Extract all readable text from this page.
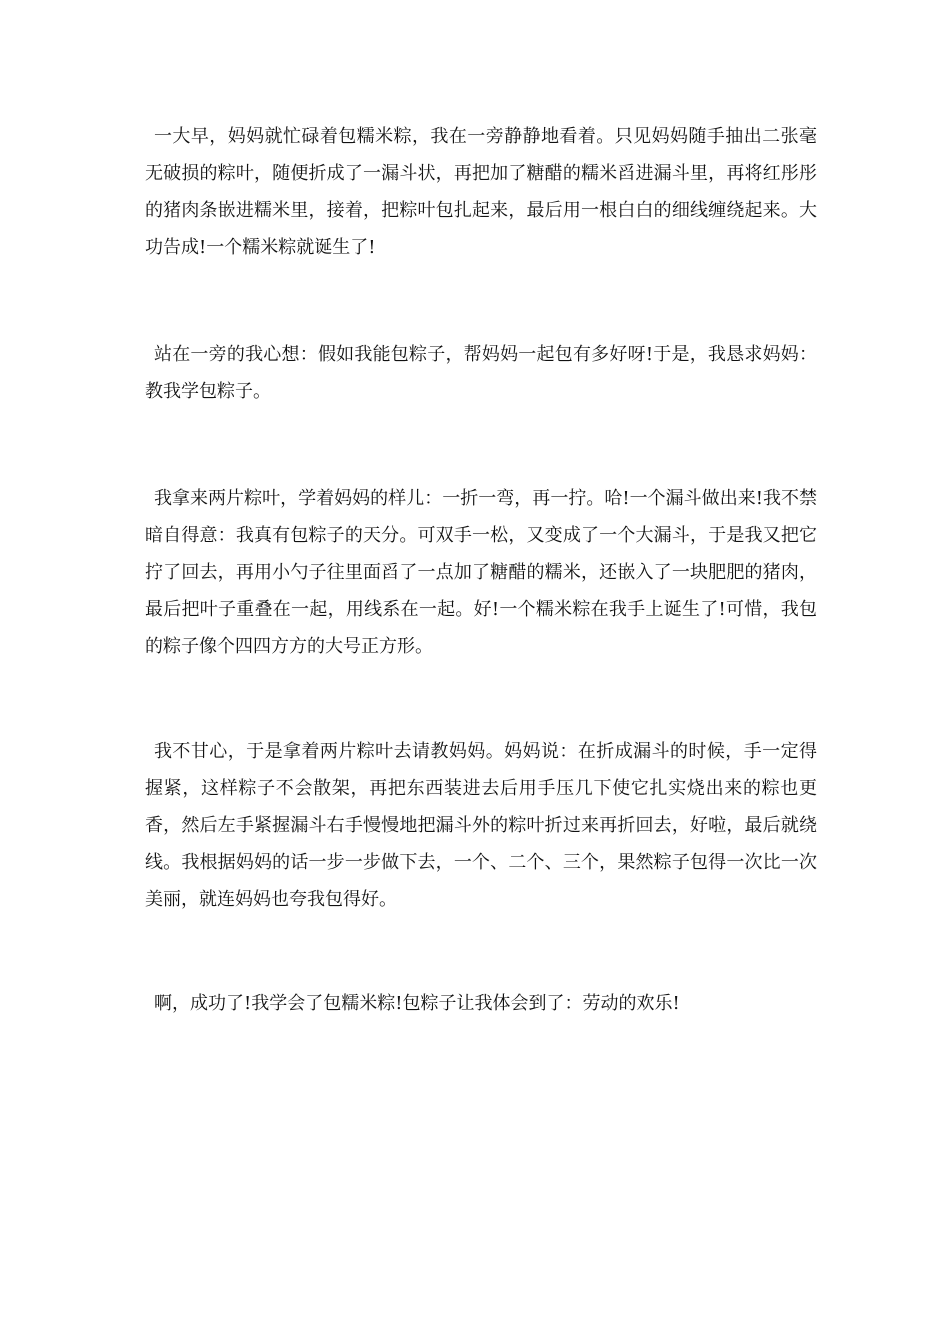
一大早，妈妈就忙碌着包糯米粽，我在一旁静静地看着。只见妈妈随手抽出二张毫无破损的粽叶，随便折成了一漏斗状，再把加了糖醋的糯米舀进漏斗里，再将红彤彤的猪肉条嵌进糯米里，接着，把粽叶包扎起来，最后用一根白白的细线缠绕起来。大功告成!一个糯米粽就诞生了!

站在一旁的我心想：假如我能包粽子，帮妈妈一起包有多好呀!于是，我恳求妈妈：教我学包粽子。

我拿来两片粽叶，学着妈妈的样儿：一折一弯，再一拧。哈!一个漏斗做出来!我不禁暗自得意：我真有包粽子的天分。可双手一松，又变成了一个大漏斗，于是我又把它拧了回去，再用小勺子往里面舀了一点加了糖醋的糯米，还嵌入了一块肥肥的猪肉，最后把叶子重叠在一起，用线系在一起。好!一个糯米粽在我手上诞生了!可惜，我包的粽子像个四四方方的大号正方形。

我不甘心，于是拿着两片粽叶去请教妈妈。妈妈说：在折成漏斗的时候，手一定得握紧，这样粽子不会散架，再把东西装进去后用手压几下使它扎实烧出来的粽也更香，然后左手紧握漏斗右手慢慢地把漏斗外的粽叶折过来再折回去，好啦，最后就绕线。我根据妈妈的话一步一步做下去，一个、二个、三个，果然粽子包得一次比一次美丽，就连妈妈也夸我包得好。

啊，成功了!我学会了包糯米粽!包粽子让我体会到了：劳动的欢乐!
